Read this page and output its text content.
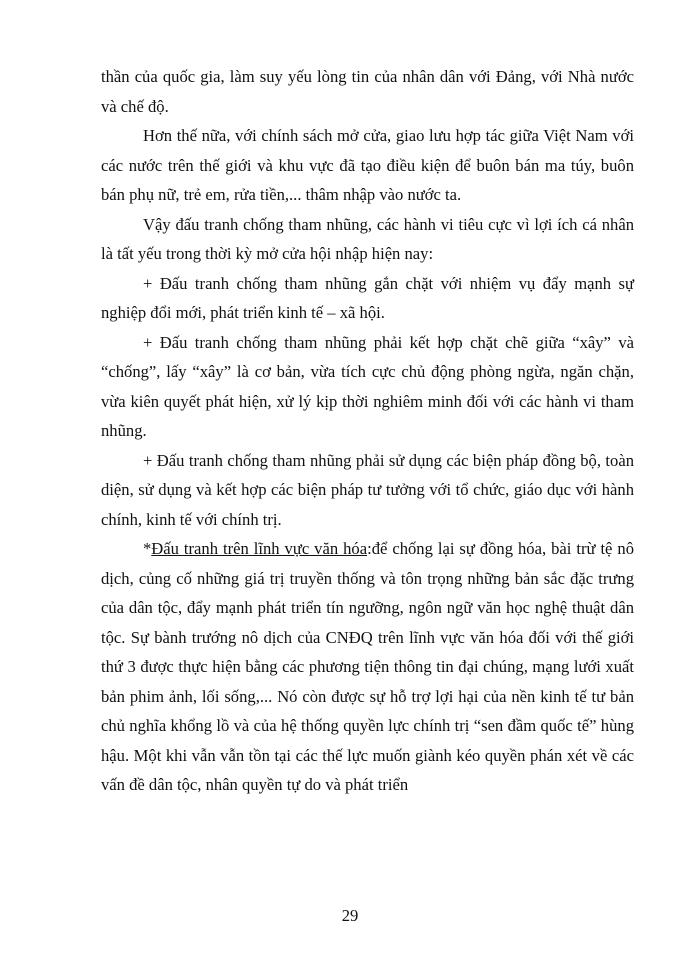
thần của quốc gia, làm suy yếu lòng tin của nhân dân với Đảng, với Nhà nước và chế độ.

Hơn thế nữa, với chính sách mở cửa, giao lưu hợp tác giữa Việt Nam với các nước trên thế giới và khu vực đã tạo điều kiện để buôn bán ma túy, buôn bán phụ nữ, trẻ em, rửa tiền,... thâm nhập vào nước ta.

Vậy đấu tranh chống tham nhũng, các hành vi tiêu cực vì lợi ích cá nhân là tất yếu trong thời kỳ mở cửa hội nhập hiện nay:

+ Đấu tranh chống tham nhũng gắn chặt với nhiệm vụ đẩy mạnh sự nghiệp đổi mới, phát triển kinh tế – xã hội.

+ Đấu tranh chống tham nhũng phải kết hợp chặt chẽ giữa “xây” và “chống”, lấy “xây” là cơ bản, vừa tích cực chủ động phòng ngừa, ngăn chặn, vừa kiên quyết phát hiện, xử lý kịp thời nghiêm minh đối với các hành vi tham nhũng.

+ Đấu tranh chống tham nhũng phải sử dụng các biện pháp đồng bộ, toàn diện, sử dụng và kết hợp các biện pháp tư tưởng với tổ chức, giáo dục với hành chính, kinh tế với chính trị.

*Đấu tranh trên lĩnh vực văn hóa:để chống lại sự đồng hóa, bài trừ tệ nô dịch, củng cố những giá trị truyền thống và tôn trọng những bản sắc đặc trưng của dân tộc, đẩy mạnh phát triển tín ngưỡng, ngôn ngữ văn học nghệ thuật dân tộc. Sự bành trướng nô dịch của CNĐQ trên lĩnh vực văn hóa đối với thế giới thứ 3 được thực hiện bằng các phương tiện thông tin đại chúng, mạng lưới xuất bản phim ảnh, lối sống,... Nó còn được sự hỗ trợ lợi hại của nền kinh tế tư bản chủ nghĩa khổng lồ và của hệ thống quyền lực chính trị “sen đầm quốc tế” hùng hậu. Một khi vẫn vẫn tồn tại các thế lực muốn giành kéo quyền phán xét về các vấn đề dân tộc, nhân quyền tự do và phát triển

29
